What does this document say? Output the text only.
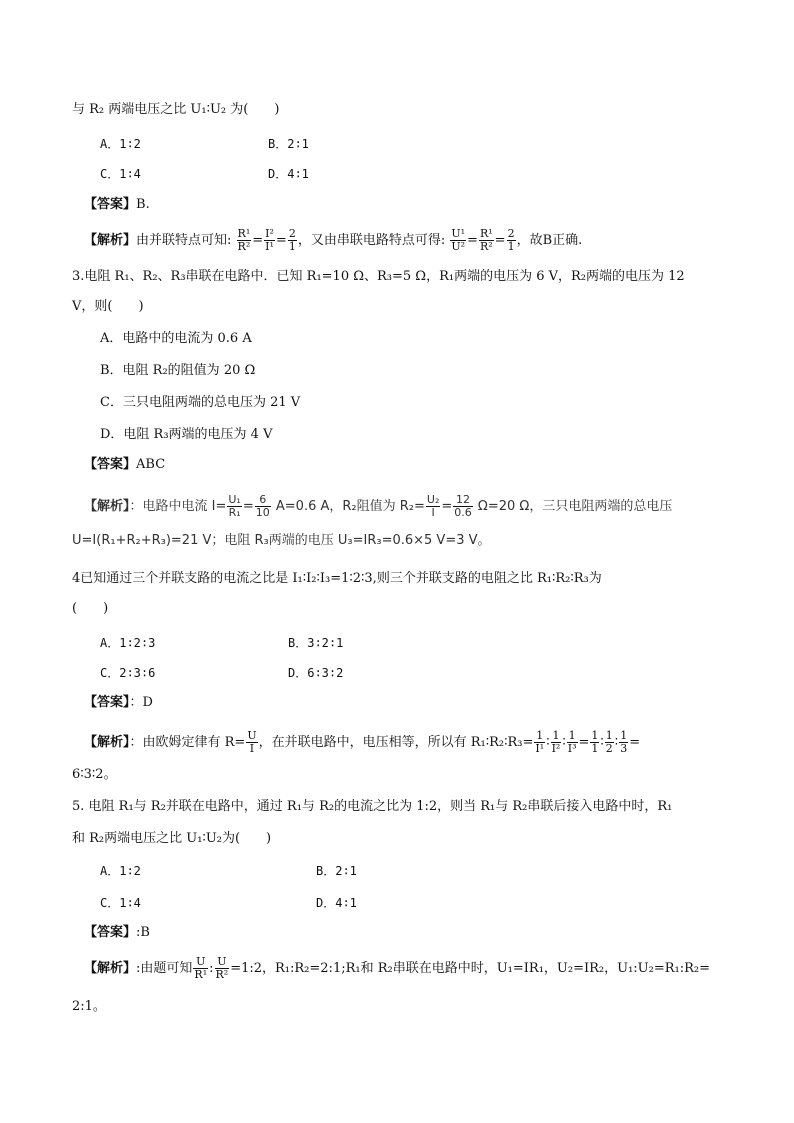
与 R₂ 两端电压之比 U₁∶U₂ 为(　　)
A．1∶2	B．2∶1
C．1∶4	D．4∶1
【答案】B.
【解析】由并联特点可知: $\frac{\text{R¹}}{\text{R²}} = \frac{\text{I²}}{\text{I¹}} = \frac{2}{1}$ ，又由串联电路特点可得: $\frac{\text{U¹}}{\text{U²}} = \frac{\text{R¹}}{\text{R²}} = \frac{2}{1}$ ，故B正确.
3.电阻 R₁、R₂、R₃串联在电路中．已知 R₁=10 Ω、R₃=5 Ω，R₁两端的电压为 6 V，R₂两端的电压为 12
V，则(　　)
A．电路中的电流为 0.6 A
B．电阻 R₂的阻值为 20 Ω
C．三只电阻两端的总电压为 21 V
D．电阻 R₃两端的电压为 4 V
【答案】ABC
【解析】：电路中电流 $I= \frac{\text{U₁}}{\text{R₁}} = \frac{6}{10} A=0.6$ A，R₂阻值为 $R_2= \frac{\text{U₂}}{I} = \frac{12}{0.6} \Omega=20$ Ω，三只电阻两端的总电压
U=I(R₁+R₂+R₃)=21 V；电阻 R₃两端的电压 U₃=IR₃=0.6×5 V=3 V。
4已知通过三个并联支路的电流之比是 I₁∶I₂∶I₃=1∶2∶3,则三个并联支路的电阻之比 R₁∶R₂∶R₃为
(　　)
A．1∶2∶3	B．3∶2∶1
C．2∶3∶6	D．6∶3∶2
【答案】：D
【解析】：由欧姆定律有 $R= \frac{U}{I}$ ，在并联电路中，电压相等，所以有 R₁∶R₂∶R₃= $\frac{1}{\text{I¹}}$ ∶ $\frac{1}{\text{I²}}$ ∶ $\frac{1}{\text{I³}} = \frac{1}{1}$ ∶ $\frac{1}{2}$ ∶ $\frac{1}{3}$ =
6∶3∶2。
5. 电阻 R₁与 R₂并联在电路中，通过 R₁与 R₂的电流之比为 1:2，则当 R₁与 R₂串联后接入电路中时，R₁
和 R₂两端电压之比 U₁∶U₂为(　　)
A．1∶2	B．2∶1
C．1∶4	D．4∶1
【答案】:B
【解析】:由题可知 $\frac{U}{\text{R¹}}$ : $\frac{U}{\text{R²}}$ =1:2，R₁:R₂=2:1;R₁和 R₂串联在电路中时，U₁=IR₁，U₂=IR₂，U₁:U₂=R₁:R₂=
2:1。
